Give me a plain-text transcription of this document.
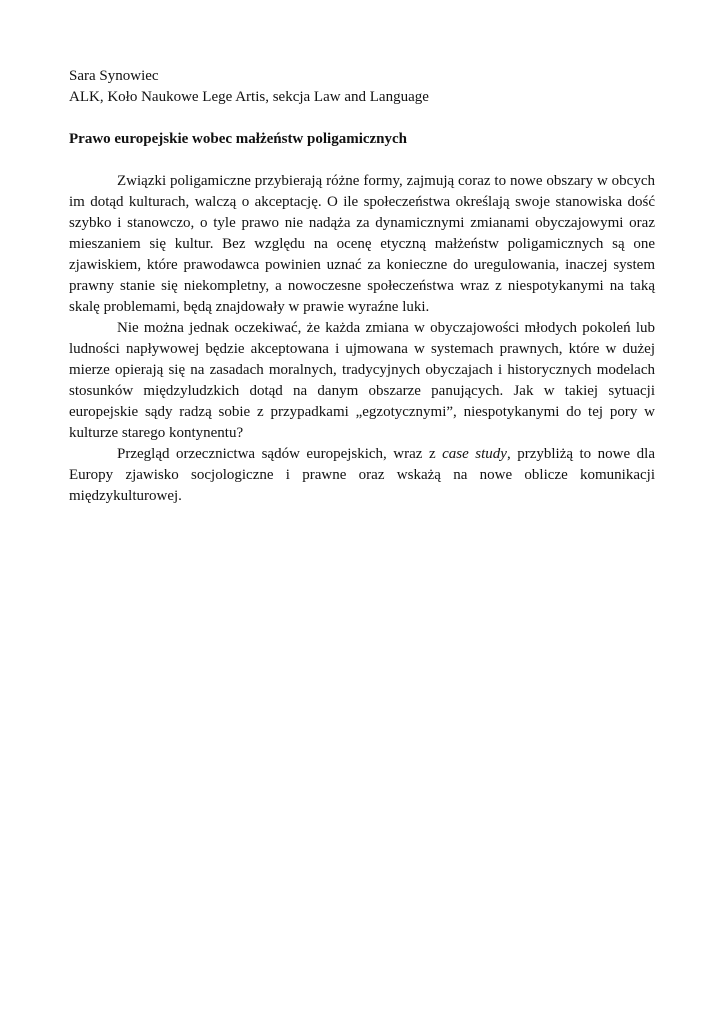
Sara Synowiec

ALK, Koło Naukowe Lege Artis, sekcja Law and Language

Prawo europejskie wobec małżeństw poligamicznych

Związki poligamiczne przybierają różne formy, zajmują coraz to nowe obszary w obcych im dotąd kulturach, walczą o akceptację. O ile społeczeństwa określają swoje stanowiska dość szybko i stanowczo, o tyle prawo nie nadąża za dynamicznymi zmianami obyczajowymi oraz mieszaniem się kultur. Bez względu na ocenę etyczną małżeństw poligamicznych są one zjawiskiem, które prawodawca powinien uznać za konieczne do uregulowania, inaczej system prawny stanie się niekompletny, a nowoczesne społeczeństwa wraz z niespotykanymi na taką skalę problemami, będą znajdowały w prawie wyraźne luki.

Nie można jednak oczekiwać, że każda zmiana w obyczajowości młodych pokoleń lub ludności napływowej będzie akceptowana i ujmowana w systemach prawnych, które w dużej mierze opierają się na zasadach moralnych, tradycyjnych obyczajach i historycznych modelach stosunków międzyludzkich dotąd na danym obszarze panujących. Jak w takiej sytuacji europejskie sądy radzą sobie z przypadkami „egzotycznymi”, niespotykanymi do tej pory w kulturze starego kontynentu?

Przegląd orzecznictwa sądów europejskich, wraz z case study, przybliżą to nowe dla Europy zjawisko socjologiczne i prawne oraz wskażą na nowe oblicze komunikacji międzykulturowej.
